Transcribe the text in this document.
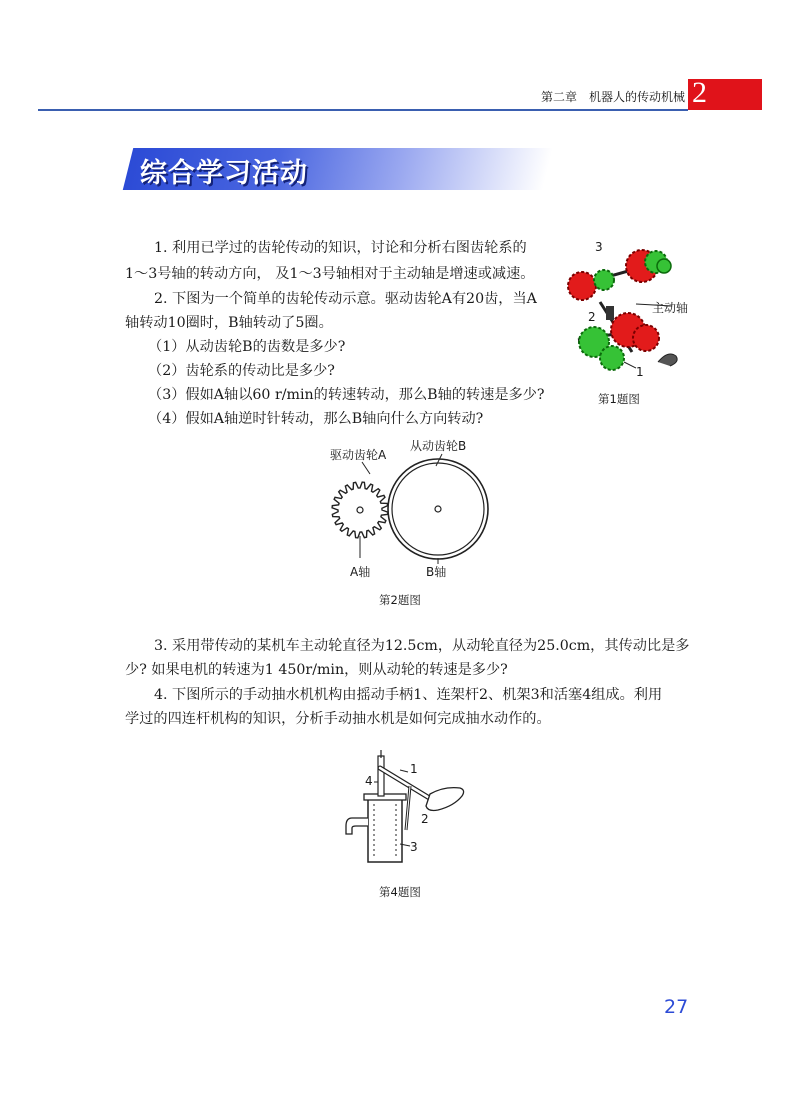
第二章　机器人的传动机械 2
综合学习活动
1. 利用已学过的齿轮传动的知识，讨论和分析右图齿轮系的
1～3号轴的转动方向， 及1～3号轴相对于主动轴是增速或减速。
2. 下图为一个简单的齿轮传动示意。驱动齿轮A有20齿，当A
轴转动10圈时，B轴转动了5圈。
（1）从动齿轮B的齿数是多少?
（2）齿轮系的传动比是多少?
（3）假如A轴以60 r/min的转速转动，那么B轴的转速是多少?
（4）假如A轴逆时针转动，那么B轴向什么方向转动?
3
2
1
主动轴
第1题图
驱动齿轮A
从动齿轮B
A轴	B轴
第2题图
3. 采用带传动的某机车主动轮直径为12.5cm，从动轮直径为25.0cm，其传动比是多
少? 如果电机的转速为1 450r/min，则从动轮的转速是多少?
4. 下图所示的手动抽水机机构由摇动手柄1、连架杆2、机架3和活塞4组成。利用
学过的四连杆机构的知识，分析手动抽水机是如何完成抽水动作的。
1
4
2
3
第4题图
27
